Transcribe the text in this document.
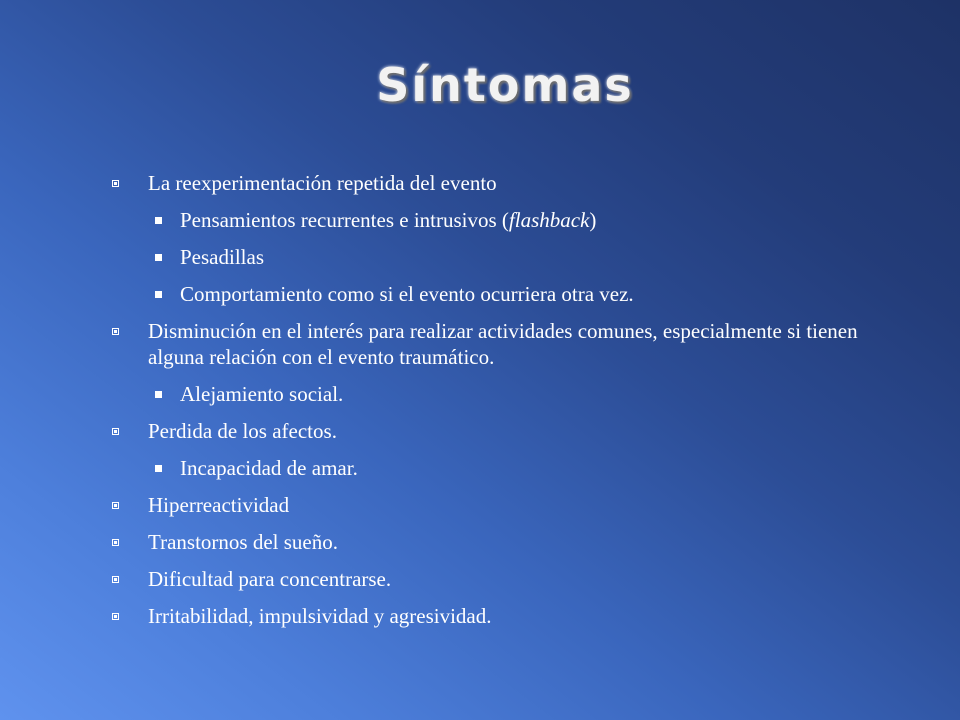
Síntomas
La reexperimentación repetida del evento
Pensamientos recurrentes e intrusivos (flashback)
Pesadillas
Comportamiento como si el evento ocurriera otra vez.
Disminución en el interés para realizar actividades comunes, especialmente si tienen alguna relación con el evento traumático.
Alejamiento social.
Perdida de los afectos.
Incapacidad de amar.
Hiperreactividad
Transtornos del sueño.
Dificultad para concentrarse.
Irritabilidad, impulsividad y agresividad.
